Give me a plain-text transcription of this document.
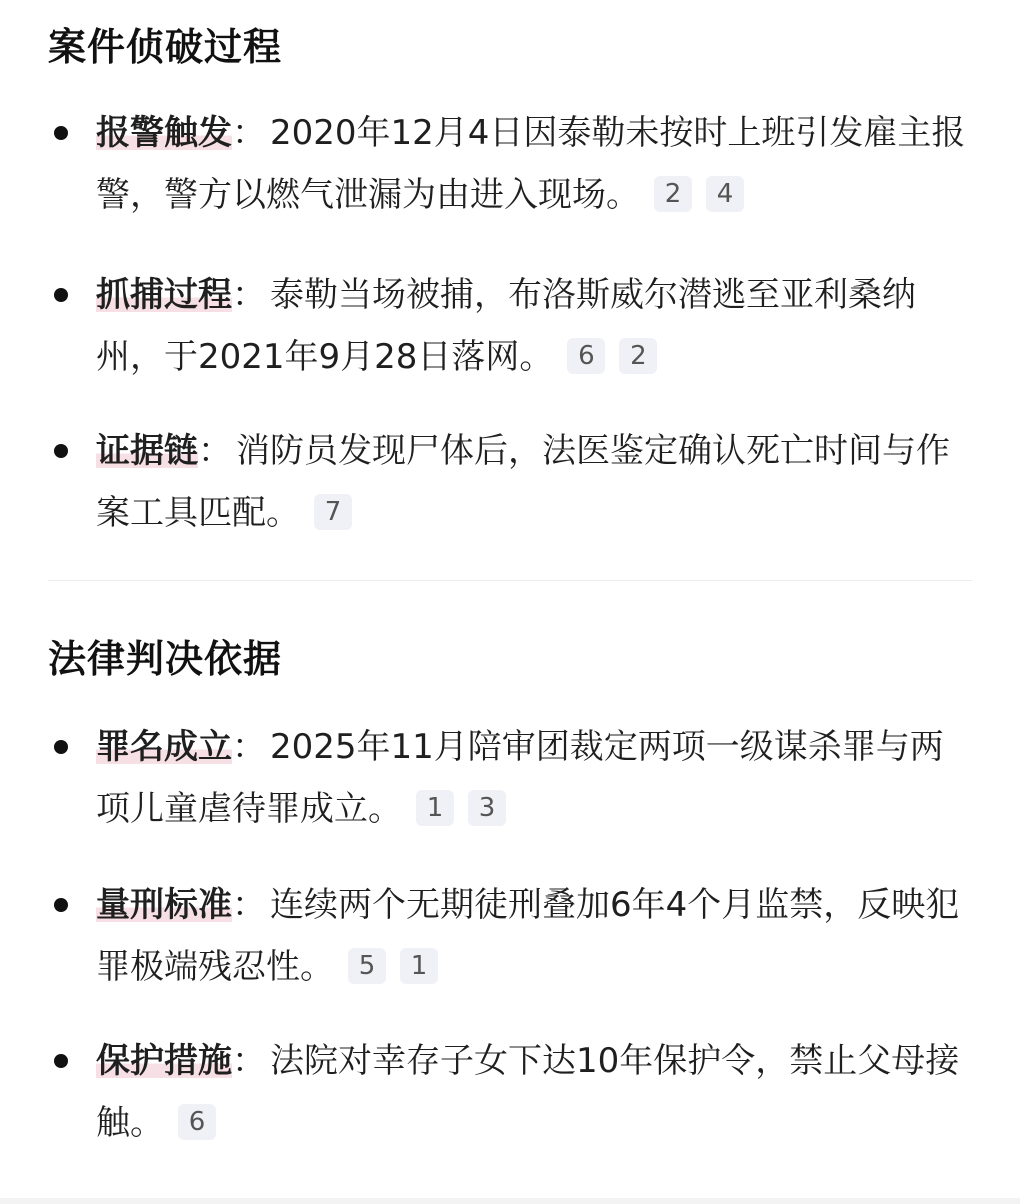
案件侦破过程
报警触发： 2020年12月4日因泰勒未按时上班引发雇主报警，警方以燃气泄漏为由进入现场。 2 4
抓捕过程： 泰勒当场被捕，布洛斯威尔潜逃至亚利桑纳州，于2021年9月28日落网。 6 2
证据链： 消防员发现尸体后，法医鉴定确认死亡时间与作案工具匹配。 7
法律判决依据
罪名成立： 2025年11月陪审团裁定两项一级谋杀罪与两项儿童虐待罪成立。 1 3
量刑标准： 连续两个无期徒刑叠加6年4个月监禁，反映犯罪极端残忍性。 5 1
保护措施： 法院对幸存子女下达10年保护令，禁止父母接触。 6
